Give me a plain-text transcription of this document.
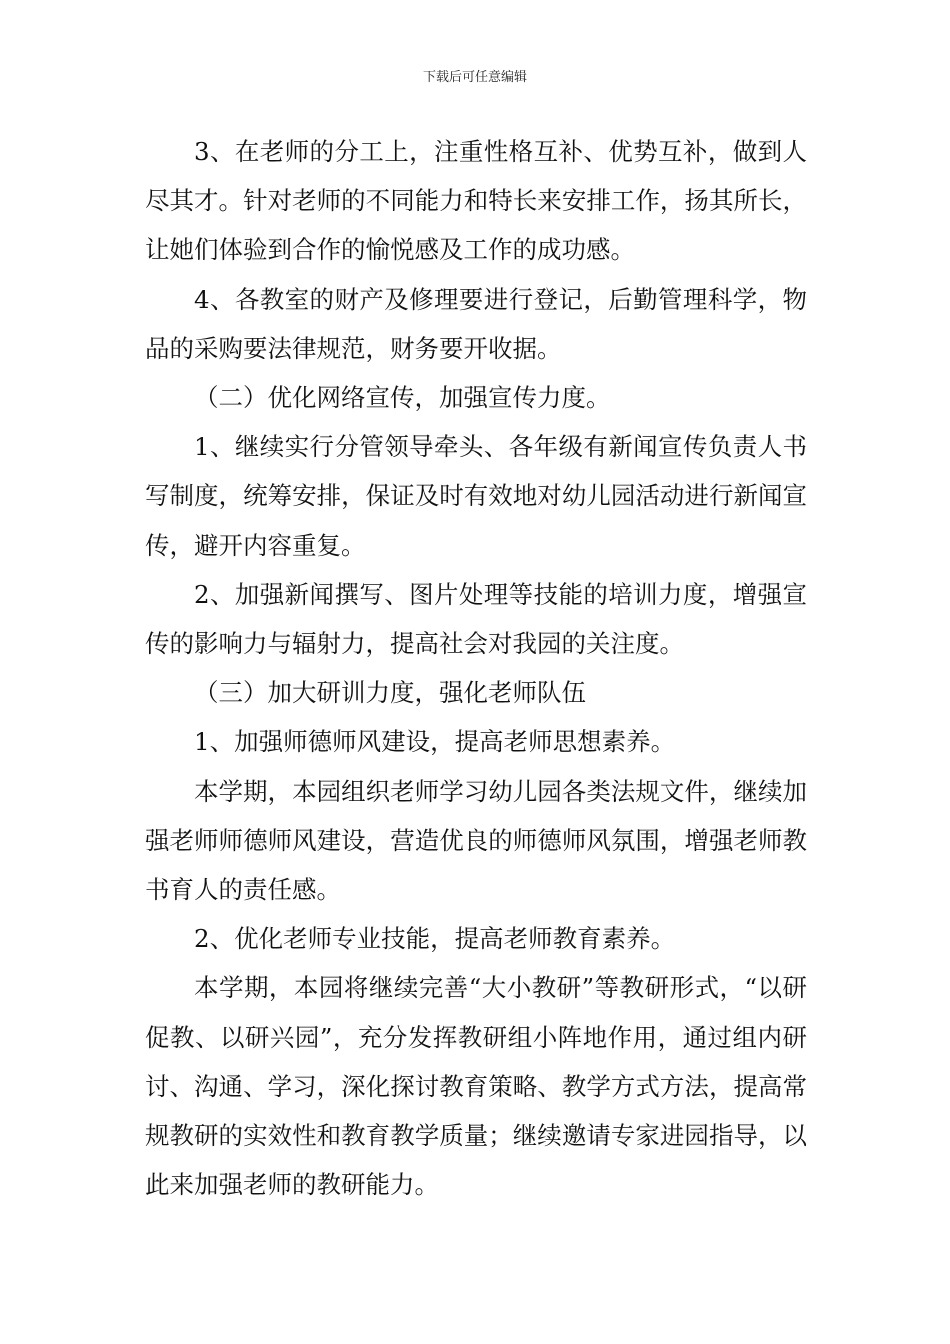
下载后可任意编辑

3、在老师的分工上，注重性格互补、优势互补，做到人尽其才。针对老师的不同能力和特长来安排工作，扬其所长，让她们体验到合作的愉悦感及工作的成功感。

4、各教室的财产及修理要进行登记，后勤管理科学，物品的采购要法律规范，财务要开收据。

（二）优化网络宣传，加强宣传力度。

1、继续实行分管领导牵头、各年级有新闻宣传负责人书写制度，统筹安排，保证及时有效地对幼儿园活动进行新闻宣传，避开内容重复。

2、加强新闻撰写、图片处理等技能的培训力度，增强宣传的影响力与辐射力，提高社会对我园的关注度。

（三）加大研训力度，强化老师队伍

1、加强师德师风建设，提高老师思想素养。

本学期，本园组织老师学习幼儿园各类法规文件，继续加强老师师德师风建设，营造优良的师德师风氛围，增强老师教书育人的责任感。

2、优化老师专业技能，提高老师教育素养。

本学期，本园将继续完善“大小教研”等教研形式，“以研促教、以研兴园”，充分发挥教研组小阵地作用，通过组内研讨、沟通、学习，深化探讨教育策略、教学方式方法，提高常规教研的实效性和教育教学质量；继续邀请专家进园指导，以此来加强老师的教研能力。
